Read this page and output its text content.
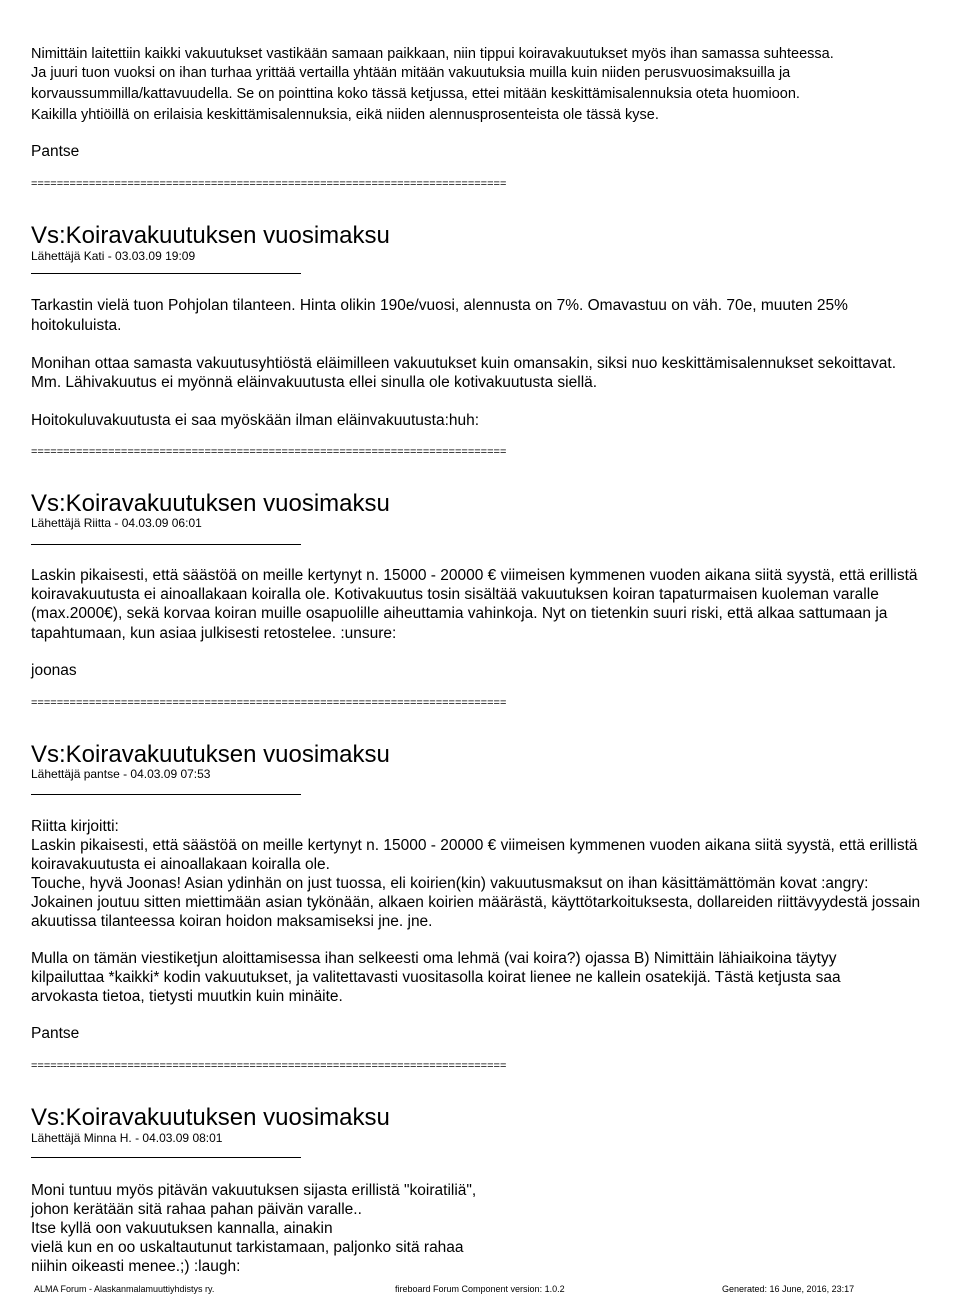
Nimittäin laitettiin kaikki vakuutukset vastikään samaan paikkaan, niin tippui koiravakuutukset myös ihan samassa suhteessa.

Ja juuri tuon vuoksi on ihan turhaa yrittää vertailla yhtään mitään vakuutuksia muilla kuin niiden perusvuosimaksuilla ja

korvaussummilla/kattavuudella. Se on pointtina koko tässä ketjussa, ettei mitään keskittämisalennuksia oteta huomioon.

Kaikilla yhtiöillä on erilaisia keskittämisalennuksia, eikä niiden alennusprosenteista ole tässä kyse.

Pantse

==========================================================================

Vs:Koiravakuutuksen vuosimaksu

Lähettäjä Kati - 03.03.09 19:09

Tarkastin vielä tuon Pohjolan tilanteen. Hinta olikin 190e/vuosi, alennusta on 7%. Omavastuu on väh. 70e, muuten 25%

hoitokuluista.

Monihan ottaa samasta vakuutusyhtiöstä eläimilleen vakuutukset kuin omansakin, siksi nuo keskittämisalennukset sekoittavat.

Mm. Lähivakuutus ei myönnä eläinvakuutusta ellei sinulla ole kotivakuutusta siellä.

Hoitokuluvakuutusta ei saa myöskään ilman eläinvakuutusta:huh:

==========================================================================

Vs:Koiravakuutuksen vuosimaksu

Lähettäjä Riitta - 04.03.09 06:01

Laskin pikaisesti, että säästöä on meille kertynyt n. 15000 - 20000 € viimeisen kymmenen vuoden aikana siitä syystä, että erillistä

koiravakuutusta ei ainoallakaan koiralla ole. Kotivakuutus tosin sisältää vakuutuksen koiran tapaturmaisen kuoleman varalle

(max.2000€), sekä korvaa koiran muille osapuolille aiheuttamia vahinkoja. Nyt on tietenkin suuri riski, että alkaa sattumaan ja

tapahtumaan, kun asiaa julkisesti retostelee. :unsure:

joonas

==========================================================================

Vs:Koiravakuutuksen vuosimaksu

Lähettäjä pantse - 04.03.09 07:53

Riitta kirjoitti:

Laskin pikaisesti, että säästöä on meille kertynyt n. 15000 - 20000 € viimeisen kymmenen vuoden aikana siitä syystä, että erillistä

koiravakuutusta ei ainoallakaan koiralla ole.

Touche, hyvä Joonas! Asian ydinhän on just tuossa, eli koirien(kin) vakuutusmaksut on ihan käsittämättömän kovat :angry:

Jokainen joutuu sitten miettimään asian tykönään, alkaen koirien määrästä, käyttötarkoituksesta, dollareiden riittävyydestä jossain

akuutissa tilanteessa koiran hoidon maksamiseksi jne. jne.

Mulla on tämän viestiketjun aloittamisessa ihan selkeesti oma lehmä (vai koira?) ojassa B) Nimittäin lähiaikoina täytyy

kilpailuttaa *kaikki* kodin vakuutukset, ja valitettavasti vuositasolla koirat lienee ne kallein osatekijä. Tästä ketjusta saa

arvokasta tietoa, tietysti muutkin kuin minäite.

Pantse

==========================================================================

Vs:Koiravakuutuksen vuosimaksu

Lähettäjä Minna H. - 04.03.09 08:01

Moni tuntuu myös pitävän vakuutuksen sijasta erillistä "koiratiliä",

johon kerätään sitä rahaa pahan päivän varalle..

Itse kyllä oon vakuutuksen kannalla, ainakin

vielä kun en oo uskaltautunut tarkistamaan, paljonko sitä rahaa

niihin oikeasti menee.;) :laugh:

ALMA Forum - Alaskanmalamuuttiyhdistys ry.	fireboard Forum Component version: 1.0.2	Generated: 16 June, 2016, 23:17
